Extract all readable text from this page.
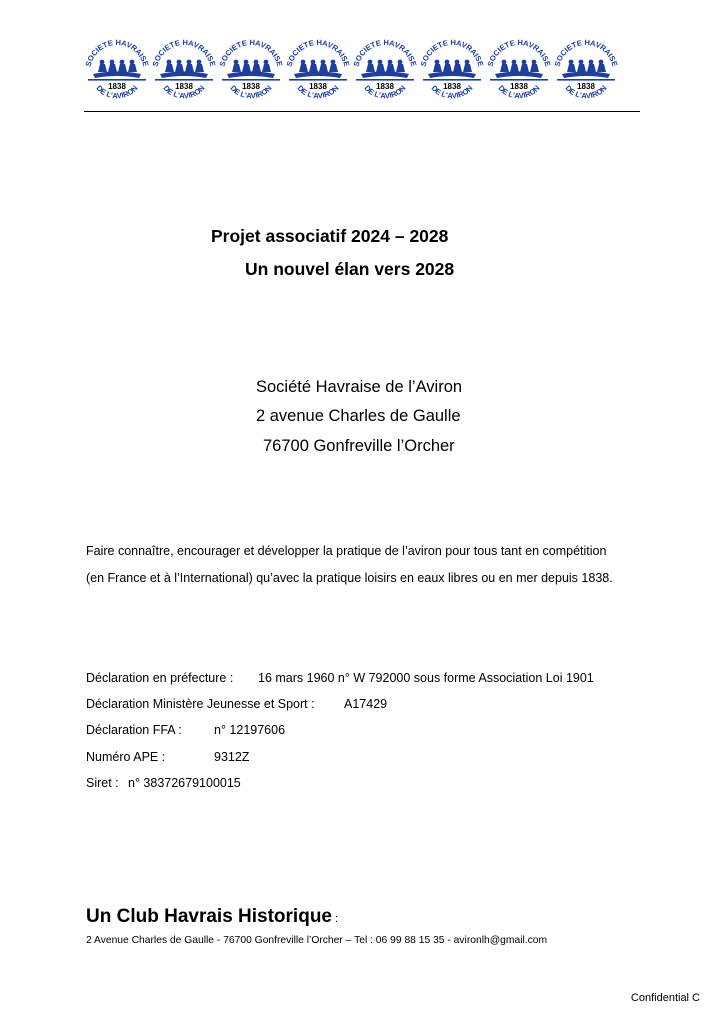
SOCIETE HAVRAISE
1838
DE L'AVIRON
SOCIETE HAVRAISE
1838
DE L'AVIRON
SOCIETE HAVRAISE
1838
DE L'AVIRON
SOCIETE HAVRAISE
1838
DE L'AVIRON
SOCIETE HAVRAISE
1838
DE L'AVIRON
SOCIETE HAVRAISE
1838
DE L'AVIRON
SOCIETE HAVRAISE
1838
DE L'AVIRON
SOCIETE HAVRAISE
1838
DE L'AVIRON
Projet associatif 2024 – 2028
Un nouvel élan vers 2028
Société Havraise de l’Aviron
2 avenue Charles de Gaulle
76700 Gonfreville l’Orcher
Faire connaître, encourager et développer la pratique de l’aviron pour tous tant en compétition
(en France et à l’International) qu’avec la pratique loisirs en eaux libres ou en mer depuis 1838.
Déclaration en préfecture : 16 mars 1960 n° W 792000 sous forme Association Loi 1901
Déclaration Ministère Jeunesse et Sport : A17429
Déclaration FFA :	n° 12197606
Numéro APE :	9312Z
Siret : n° 38372679100015
Un Club Havrais Historique :
2 Avenue Charles de Gaulle - 76700 Gonfreville l’Orcher – Tel : 06 99 88 15 35 - avironlh@gmail.com
Confidential C
